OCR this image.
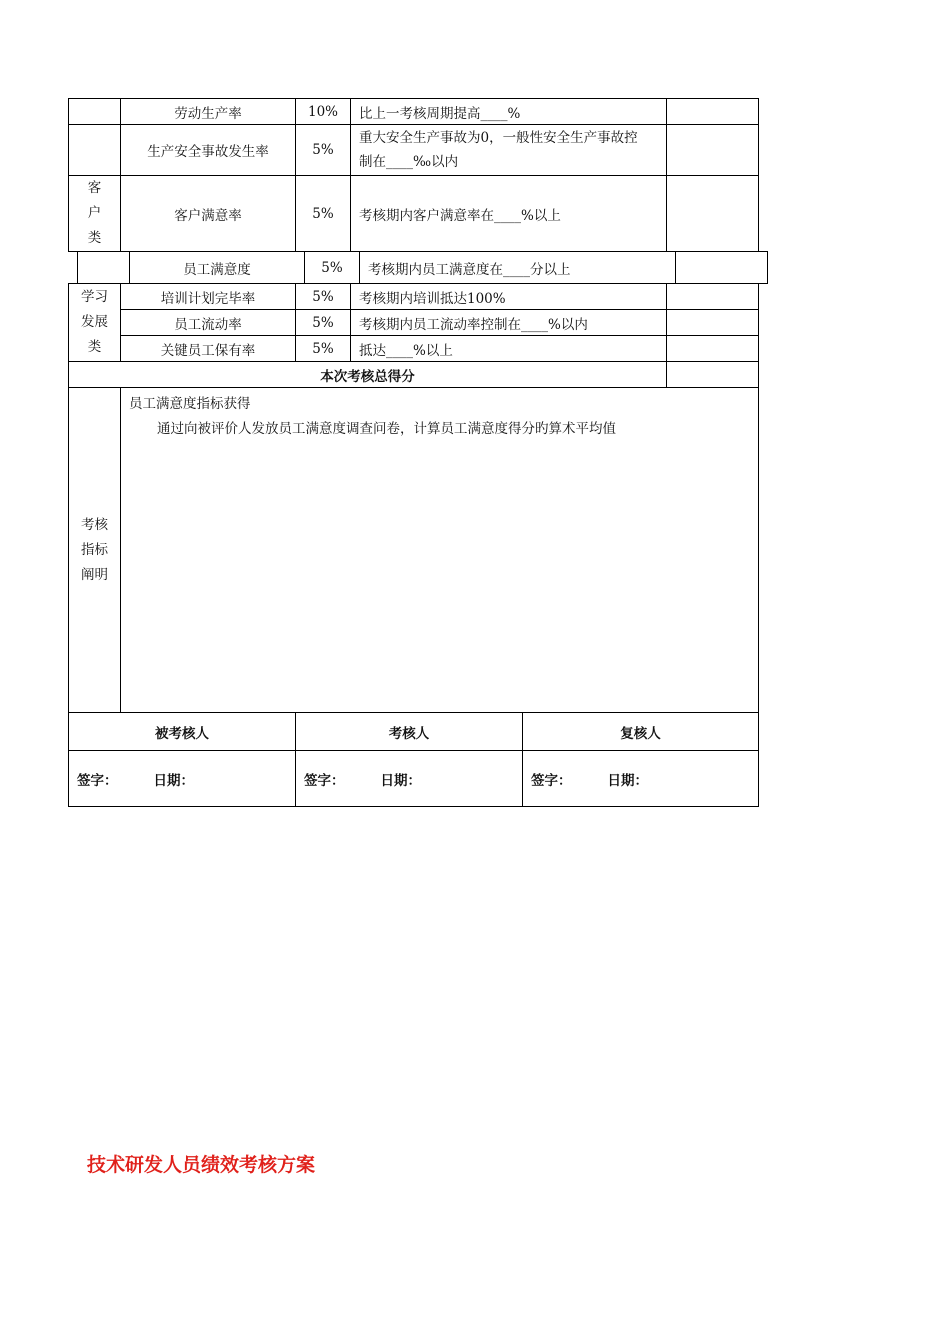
	劳动生产率	10%	比上一考核周期提高____%	
	生产安全事故发生率	5%	重大安全生产事故为0，一般性安全生产事故控
制在____‰以内	

客
户
类	客户满意率	5%	考核期内客户满意率在____%以上	
	员工满意度	5%	考核期内员工满意度在____分以上	
学习
发展
类	培训计划完毕率	5%	考核期内培训抵达100%	
	员工流动率	5%	考核期内员工流动率控制在____%以内	
	关键员工保有率	5%	抵达____%以上	
本次考核总得分				

考核
指标
阐明	员工满意度指标获得
通过向被评价人发放员工满意度调查问卷，计算员工满意度得分旳算术平均值			
被考核人	考核人	复核人
签字： 日期：	签字： 日期：	签字： 日期：
技术研发人员绩效考核方案
